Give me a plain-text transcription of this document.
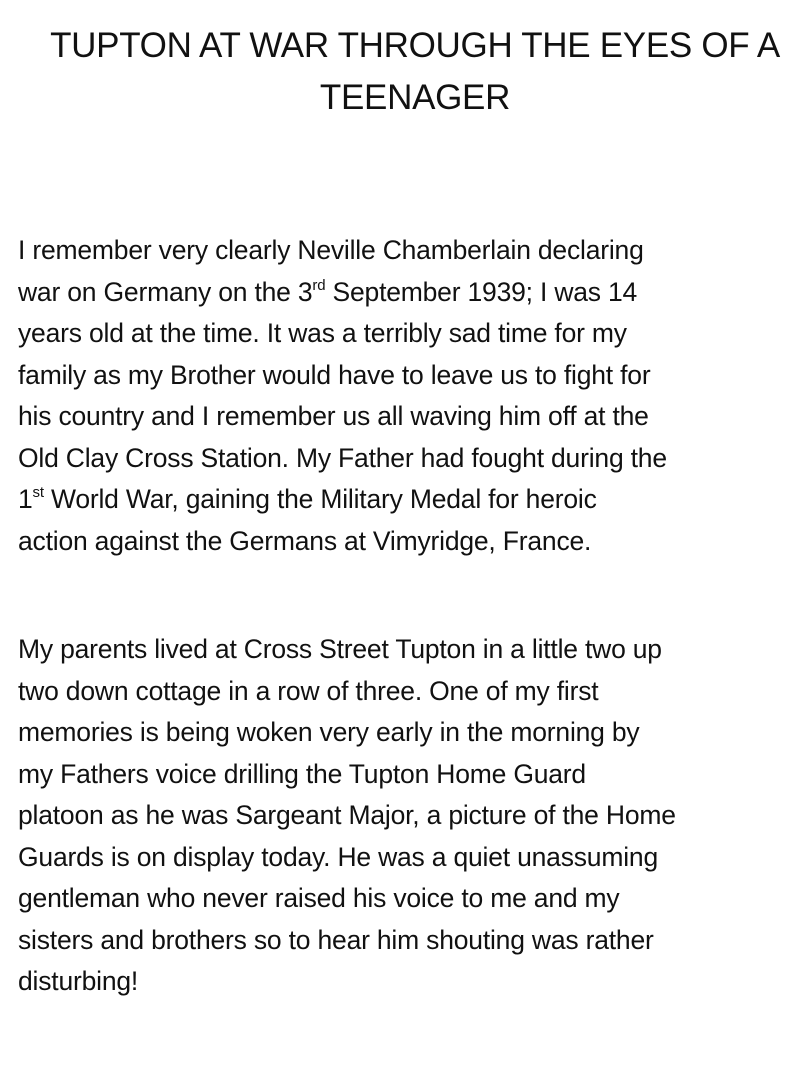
TUPTON AT WAR THROUGH THE EYES OF A
TEENAGER
I remember very clearly Neville Chamberlain declaring
war on Germany on the 3rd September 1939; I was 14
years old at the time. It was a terribly sad time for my
family as my Brother would have to leave us to fight for
his country and I remember us all waving him off at the
Old Clay Cross Station. My Father had fought during the
1st World War, gaining the Military Medal for heroic
action against the Germans at Vimyridge, France.
My parents lived at Cross Street Tupton in a little two up
two down cottage in a row of three. One of my first
memories is being woken very early in the morning by
my Fathers voice drilling the Tupton Home Guard
platoon as he was Sargeant Major, a picture of the Home
Guards is on display today. He was a quiet unassuming
gentleman who never raised his voice to me and my
sisters and brothers so to hear him shouting was rather
disturbing!
